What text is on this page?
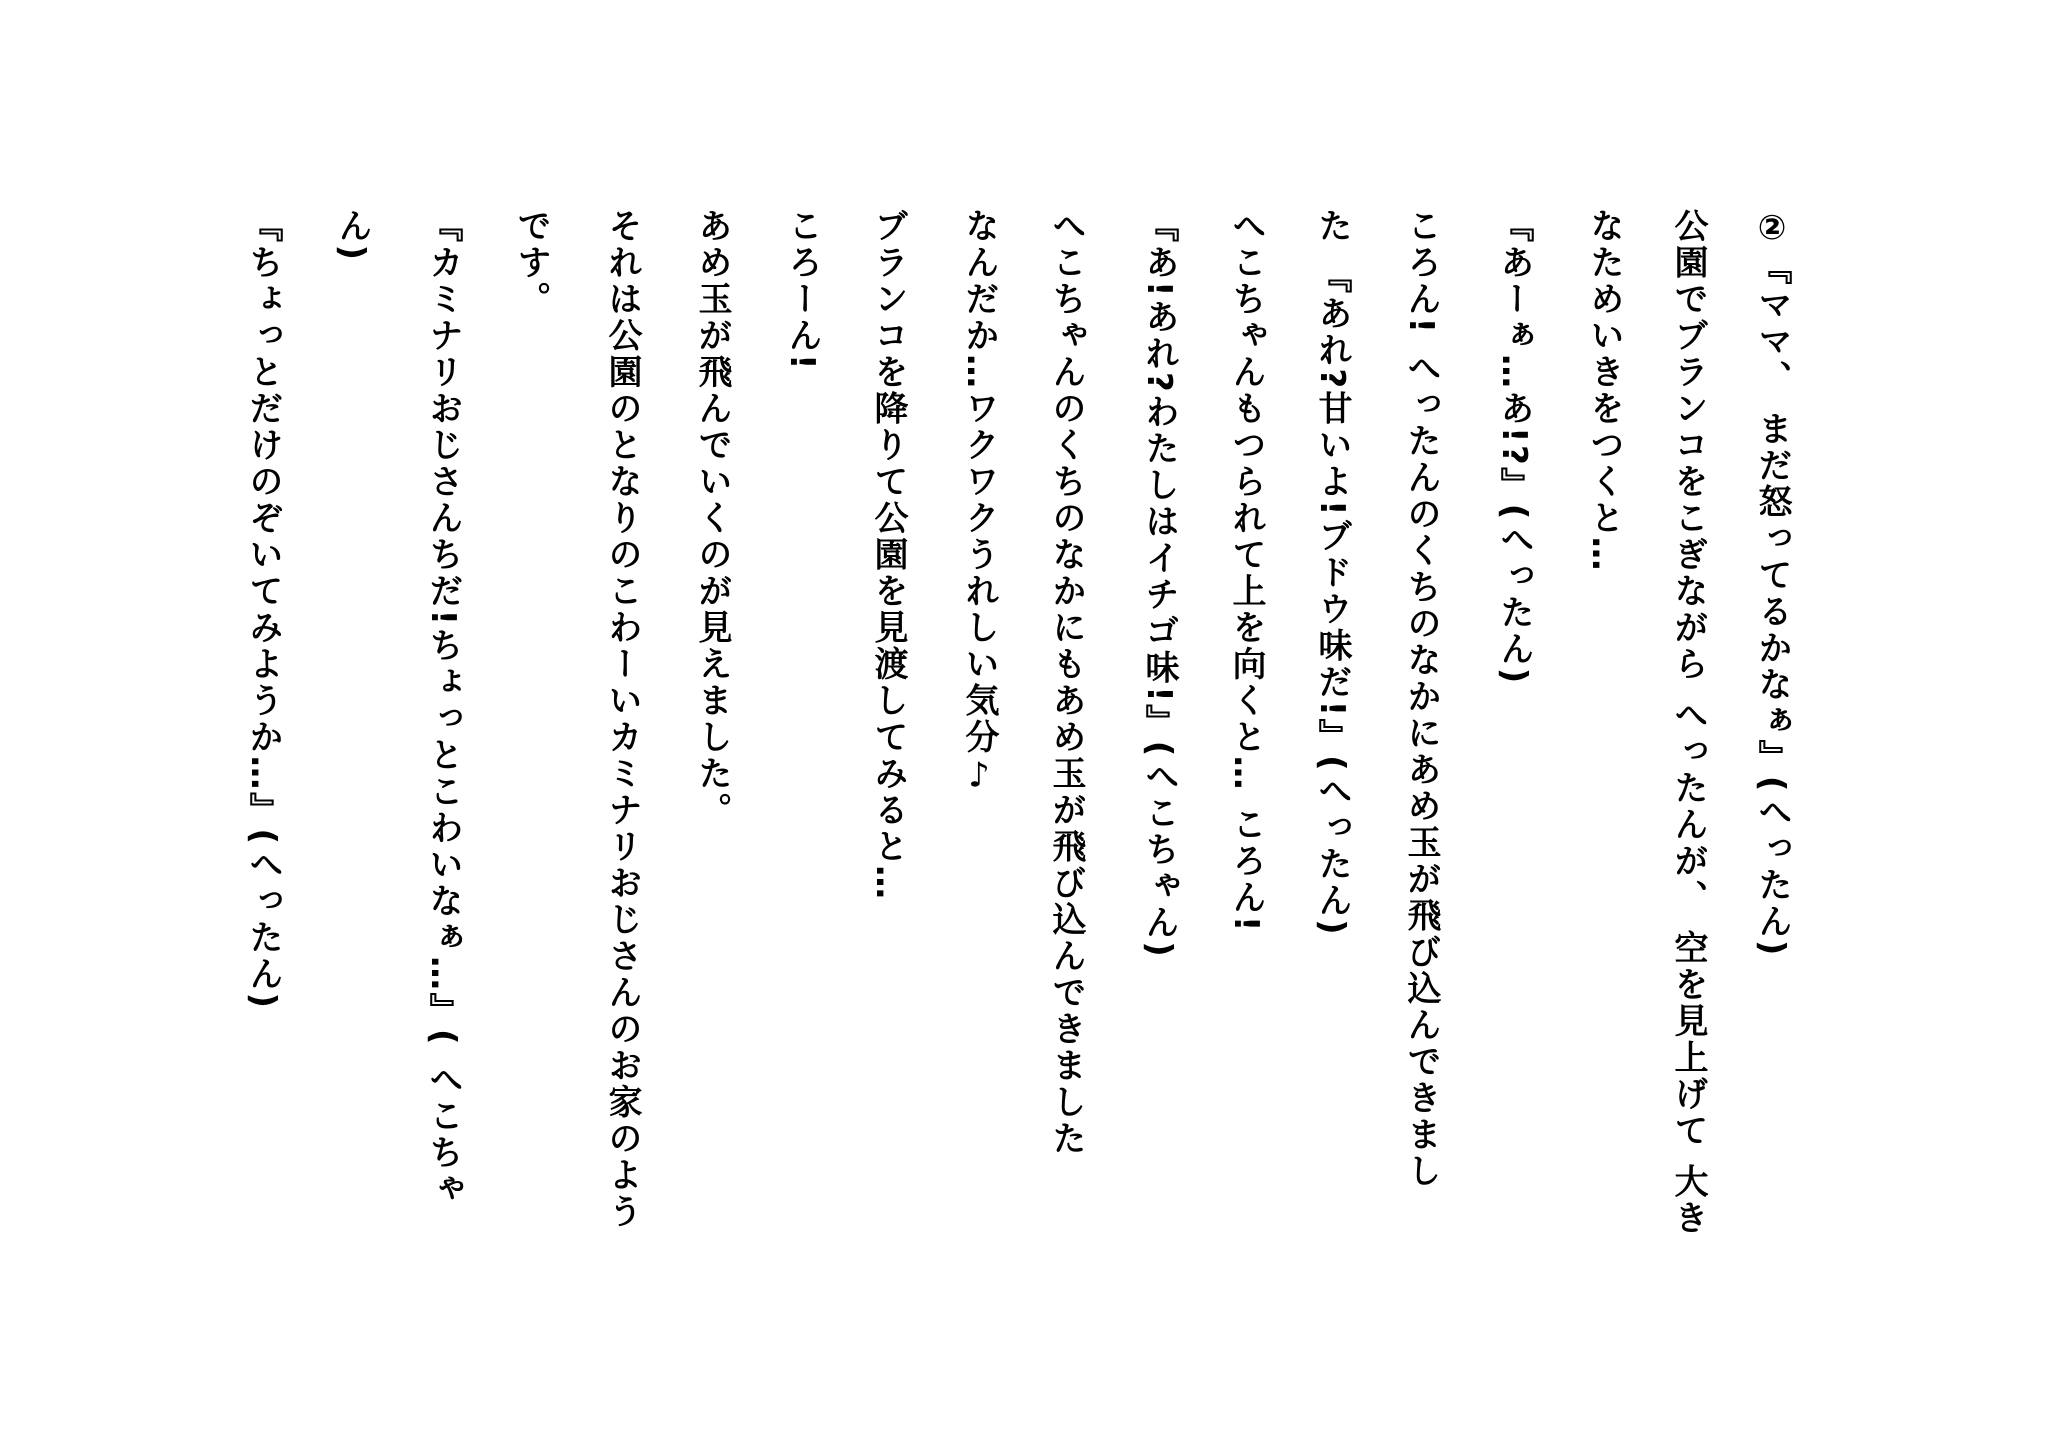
②『ママ、 まだ怒ってるかなぁ』(へったん)
公園でブランコをこぎながら へったんが、 空を見上げて 大き
なためいきをつくと…
『あーぁ…あ!?』(へったん)
ころん! へったんのくちのなかにあめ玉が飛び込んできまし
た 『あれ?甘いよ!ブドウ味だ!』(へったん)
へこちゃんもつられて上を向くと… ころん!
『あ!あれ?わたしはイチゴ味!』(へこちゃん)
へこちゃんのくちのなかにもあめ玉が飛び込んできました
なんだか…ワクワクうれしい気分♪
ブランコを降りて公園を見渡してみると…
ころーん!
あめ玉が飛んでいくのが見えました。
それは公園のとなりのこわーいカミナリおじさんのお家のよう
です。
『カミナリおじさんちだ!ちょっとこわいなぁ…』( へこちゃ
ん)
『ちょっとだけのぞいてみようか…』(へったん)
